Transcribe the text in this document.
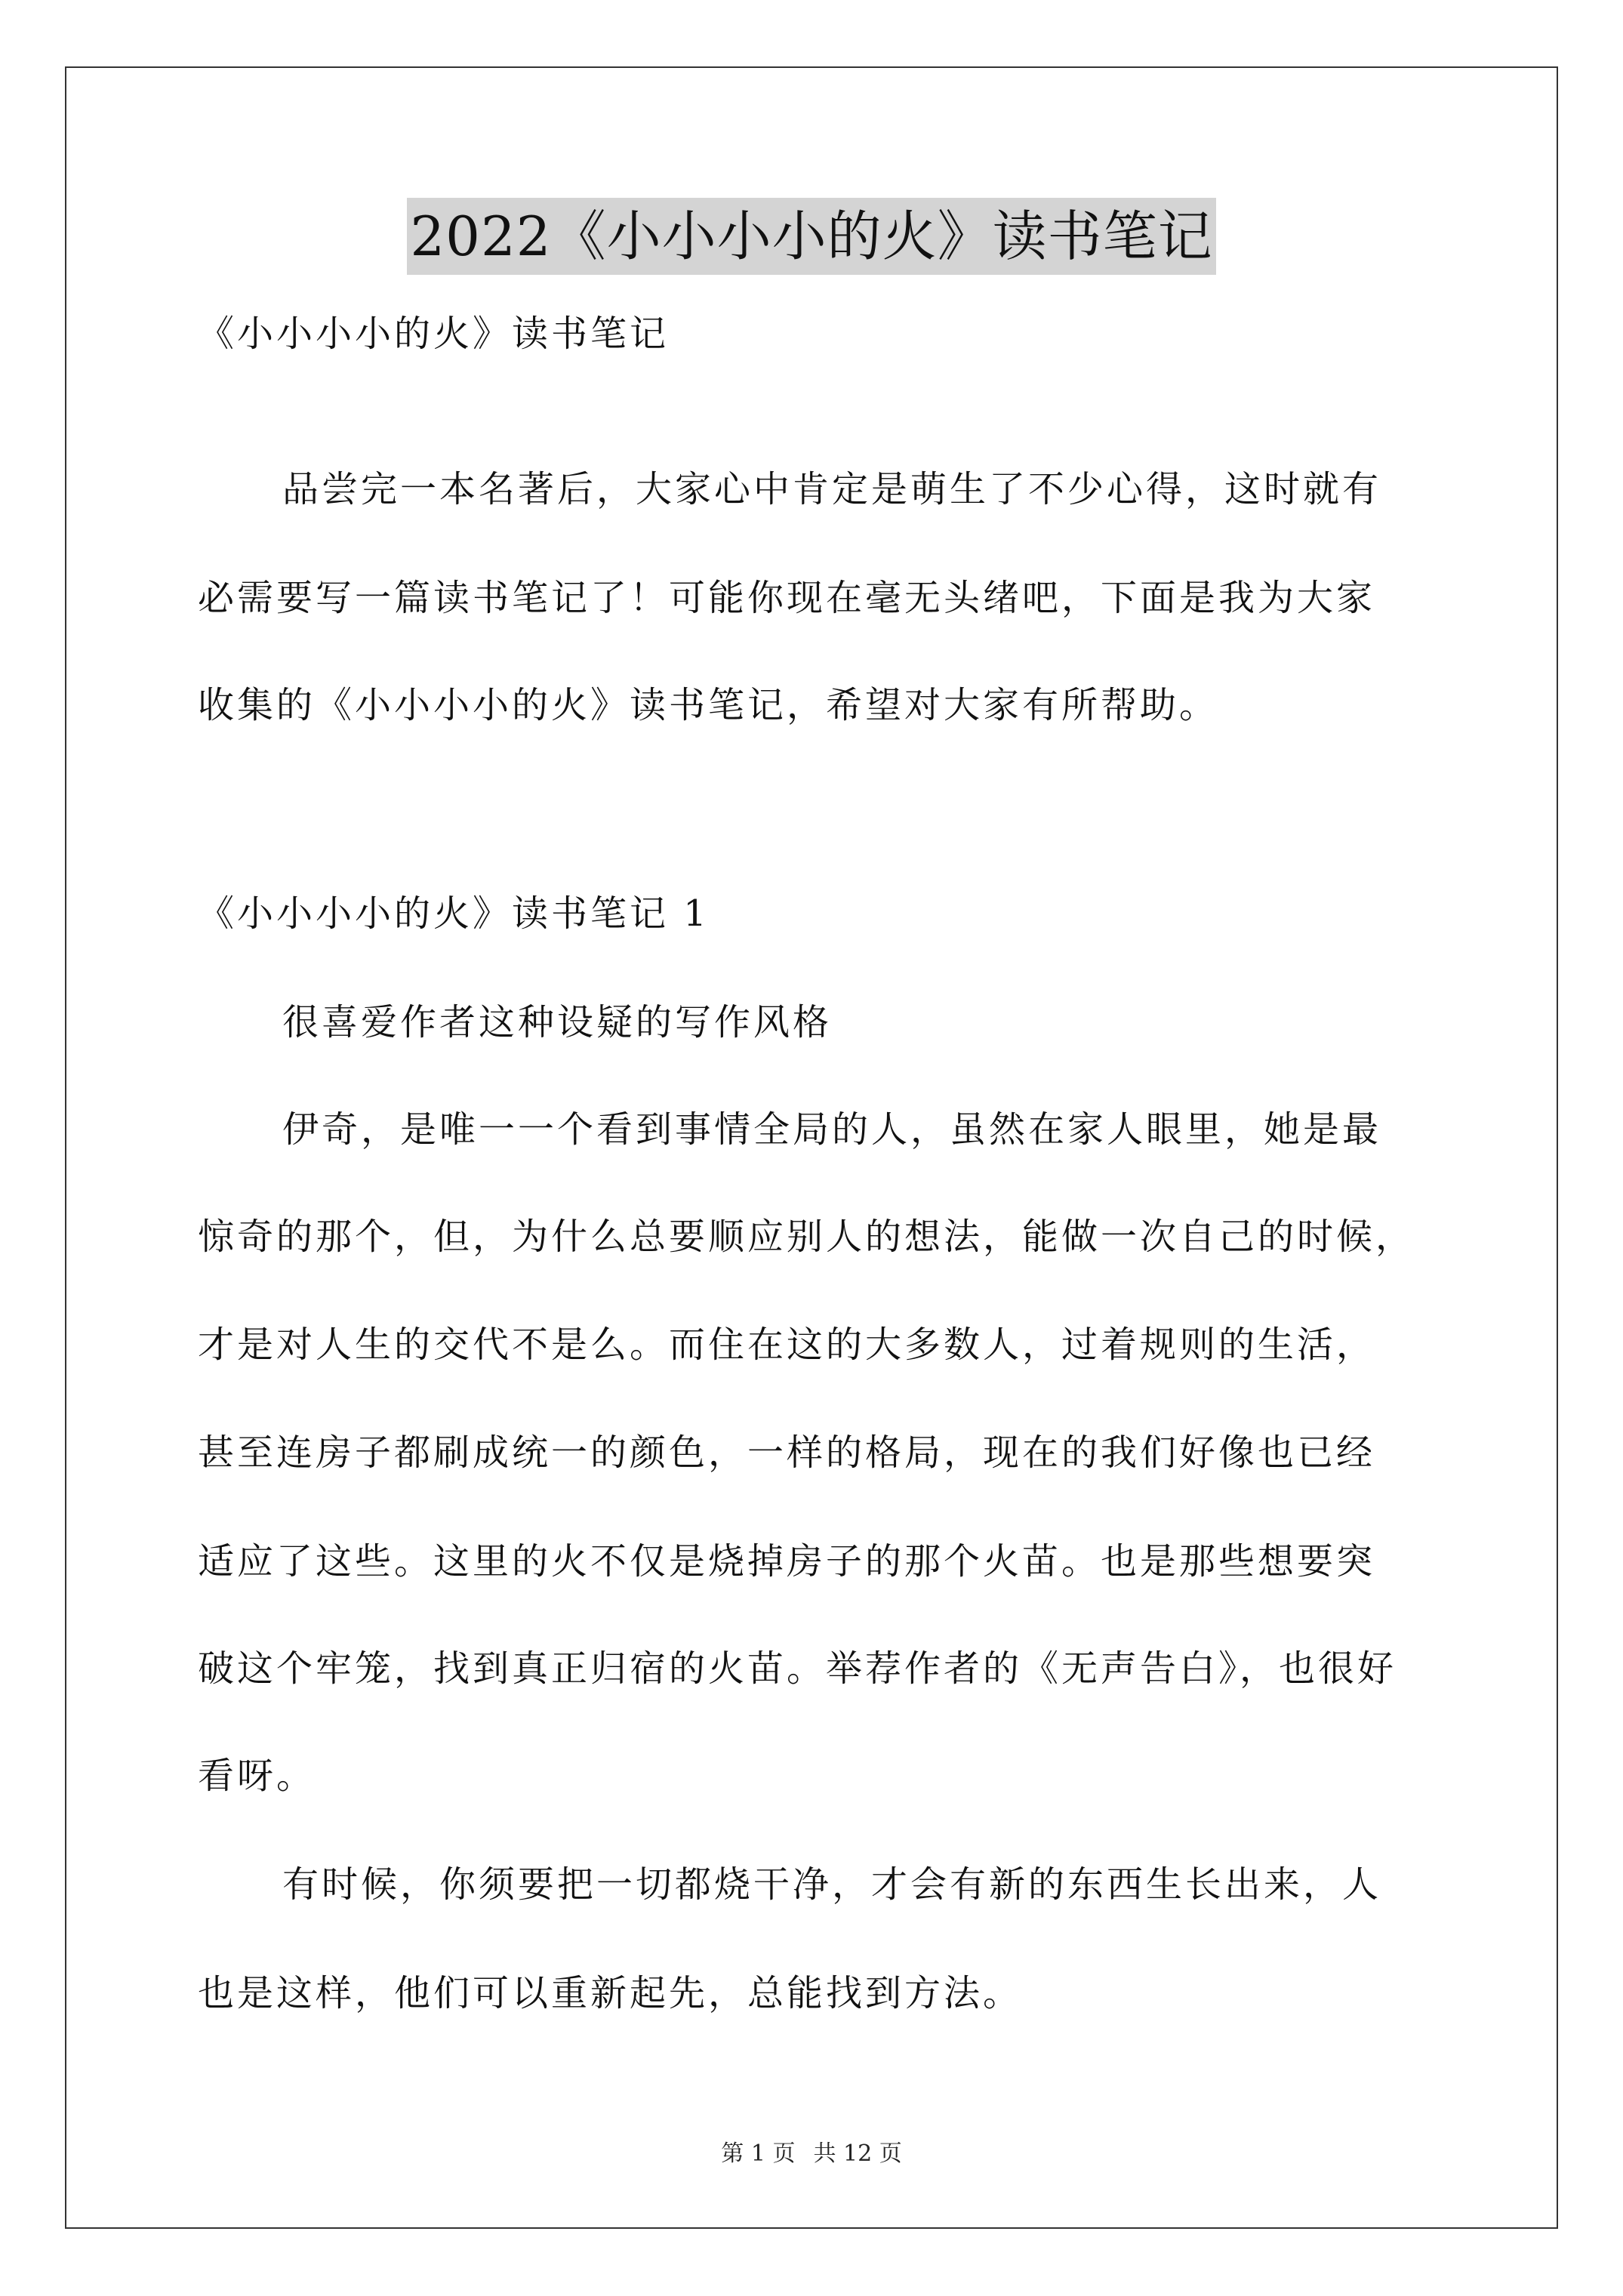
2022《小小小小的火》读书笔记
《小小小小的火》读书笔记
品尝完一本名著后，大家心中肯定是萌生了不少心得，这时就有
必需要写一篇读书笔记了！可能你现在毫无头绪吧，下面是我为大家
收集的《小小小小的火》读书笔记，希望对大家有所帮助。
《小小小小的火》读书笔记 1
很喜爱作者这种设疑的写作风格
伊奇，是唯一一个看到事情全局的人，虽然在家人眼里，她是最
惊奇的那个，但，为什么总要顺应别人的想法，能做一次自己的时候，
才是对人生的交代不是么。而住在这的大多数人，过着规则的生活，
甚至连房子都刷成统一的颜色，一样的格局，现在的我们好像也已经
适应了这些。这里的火不仅是烧掉房子的那个火苗。也是那些想要突
破这个牢笼，找到真正归宿的火苗。举荐作者的《无声告白》，也很好
看呀。
有时候，你须要把一切都烧干净，才会有新的东西生长出来，人
也是这样，他们可以重新起先，总能找到方法。
第 1 页 共 12 页
